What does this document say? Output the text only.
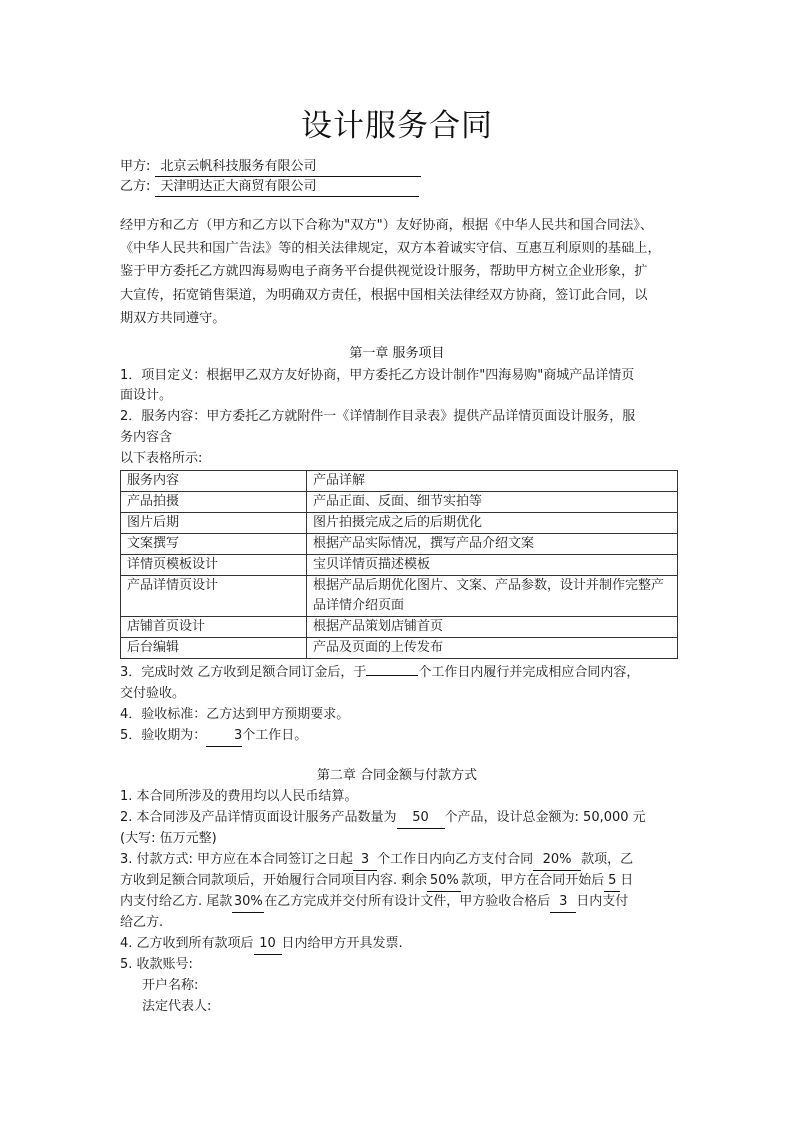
设计服务合同
甲方: 北京云帆科技服务有限公司
乙方: 天津明达正大商贸有限公司
经甲方和乙方（甲方和乙方以下合称为"双方"）友好协商，根据《中华人民共和国合同法》、
《中华人民共和国广告法》等的相关法律规定，双方本着诚实守信、互惠互利原则的基础上，
鉴于甲方委托乙方就四海易购电子商务平台提供视觉设计服务，帮助甲方树立企业形象，扩
大宣传，拓宽销售渠道，为明确双方责任，根据中国相关法律经双方协商，签订此合同，以
期双方共同遵守。
第一章 服务项目
1．项目定义：根据甲乙双方友好协商，甲方委托乙方设计制作"四海易购"商城产品详情页
面设计。
2．服务内容：甲方委托乙方就附件一《详情制作目录表》提供产品详情页面设计服务，服
务内容含
以下表格所示:
服务内容	产品详解
产品拍摄	产品正面、反面、细节实拍等
图片后期	图片拍摄完成之后的后期优化
文案撰写	根据产品实际情况，撰写产品介绍文案
详情页模板设计	宝贝详情页描述模板
产品详情页设计	根据产品后期优化图片、文案、产品参数，设计并制作完整产品详情介绍页面
店铺首页设计	根据产品策划店铺首页
后台编辑	产品及页面的上传发布
3．完成时效 乙方收到足额合同订金后，于	个工作日内履行并完成相应合同内容，
交付验收。
4．验收标准：乙方达到甲方预期要求。
5．验收期为： 3个工作日。
第二章 合同金额与付款方式
1. 本合同所涉及的费用均以人民币结算。
2. 本合同涉及产品详情页面设计服务产品数量为 50 个产品，设计总金额为: 50,000 元
(大写: 伍万元整)
3. 付款方式: 甲方应在本合同签订之日起 3 个工作日内向乙方支付合同 20% 款项，乙
方收到足额合同款项后，开始履行合同项目内容. 剩余 50% 款项，甲方在合同开始后 5 日
内支付给乙方. 尾款 30% 在乙方完成并交付所有设计文件，甲方验收合格后 3 日内支付
给乙方.
4. 乙方收到所有款项后 10 日内给甲方开具发票.
5. 收款账号:
开户名称:
法定代表人:
